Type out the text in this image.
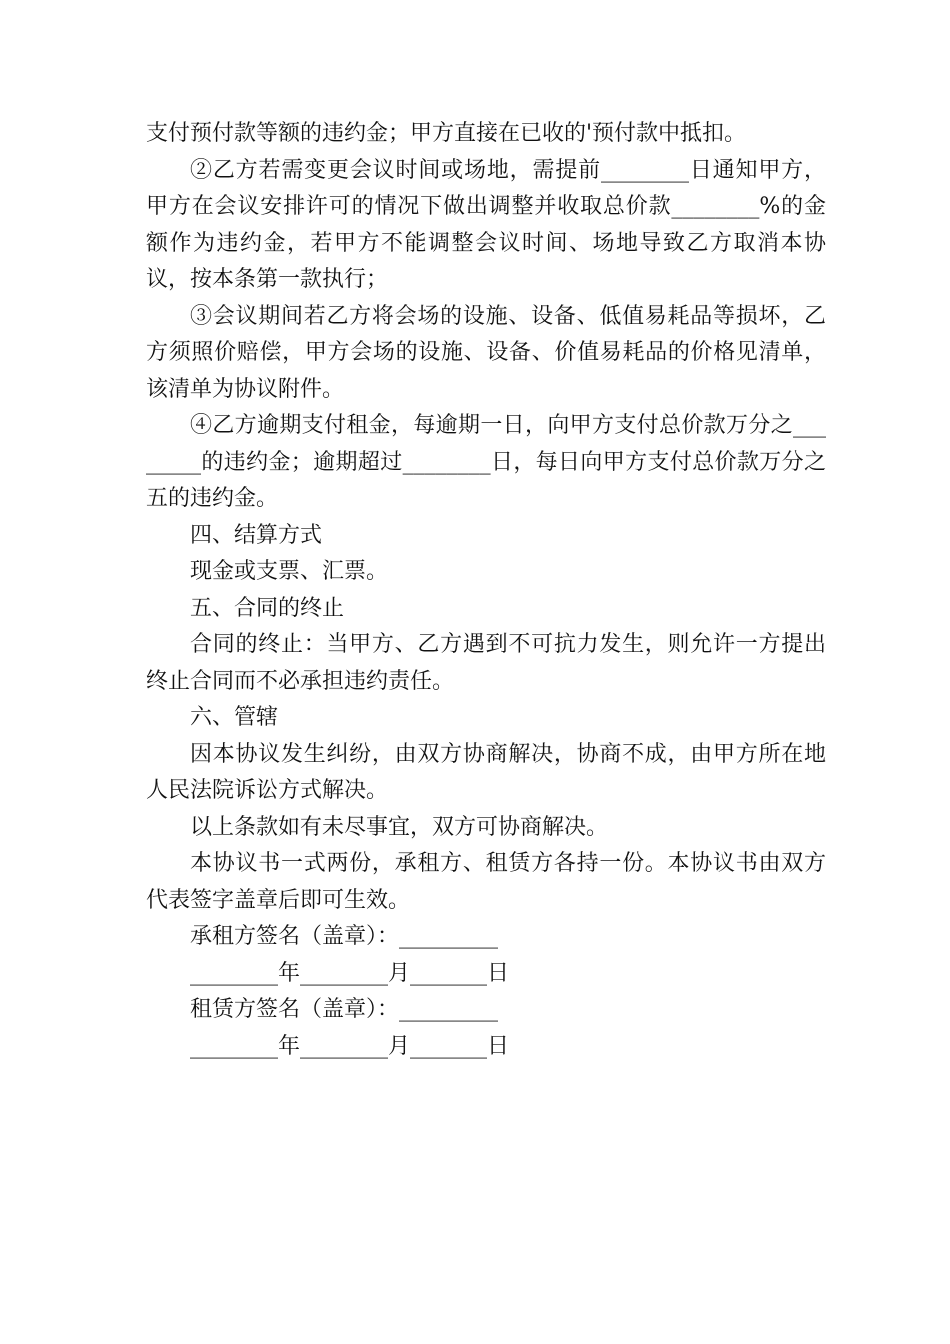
支付预付款等额的违约金；甲方直接在已收的'预付款中抵扣。

②乙方若需变更会议时间或场地，需提前________日通知甲方，甲方在会议安排许可的情况下做出调整并收取总价款________%的金额作为违约金，若甲方不能调整会议时间、场地导致乙方取消本协议，按本条第一款执行；

③会议期间若乙方将会场的设施、设备、低值易耗品等损坏，乙方须照价赔偿，甲方会场的设施、设备、价值易耗品的价格见清单，该清单为协议附件。

④乙方逾期支付租金，每逾期一日，向甲方支付总价款万分之________的违约金；逾期超过________日，每日向甲方支付总价款万分之五的违约金。

四、结算方式

现金或支票、汇票。

五、合同的终止

合同的终止：当甲方、乙方遇到不可抗力发生，则允许一方提出终止合同而不必承担违约责任。

六、管辖

因本协议发生纠纷，由双方协商解决，协商不成，由甲方所在地人民法院诉讼方式解决。

以上条款如有未尽事宜，双方可协商解决。

本协议书一式两份，承租方、租赁方各持一份。本协议书由双方代表签字盖章后即可生效。

承租方签名（盖章）：_________

________年________月_______日

租赁方签名（盖章）：_________

________年________月_______日
